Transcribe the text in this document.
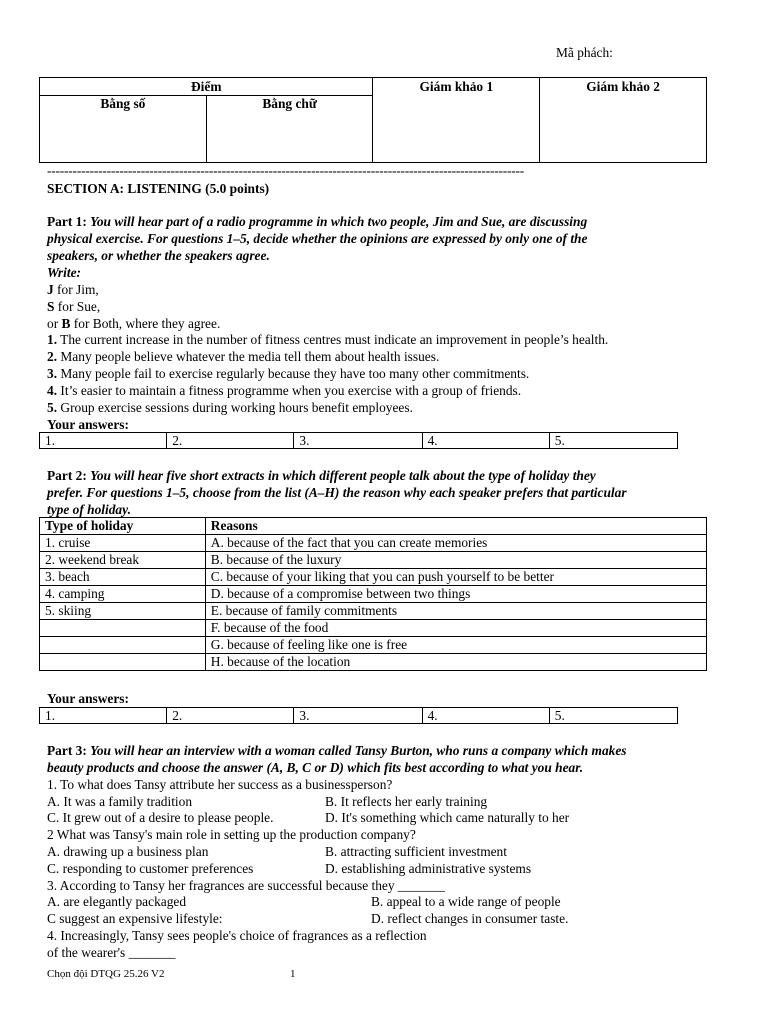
Mã phách:
Điểm		Giám khảo 1	Giám khảo 2
Bằng số	Bằng chữ		
----------------------------------------------------------------------------------------------------------------
SECTION A: LISTENING (5.0 points)
Part 1: You will hear part of a radio programme in which two people, Jim and Sue, are discussing
physical exercise. For questions 1–5, decide whether the opinions are expressed by only one of the
speakers, or whether the speakers agree.
Write:
J for Jim,
S for Sue,
or B for Both, where they agree.
1. The current increase in the number of fitness centres must indicate an improvement in people’s health.
2. Many people believe whatever the media tell them about health issues.
3. Many people fail to exercise regularly because they have too many other commitments.
4. It’s easier to maintain a fitness programme when you exercise with a group of friends.
5. Group exercise sessions during working hours benefit employees.
Your answers:
1.	2.	3.	4.	5.
Part 2: You will hear five short extracts in which different people talk about the type of holiday they
prefer. For questions 1–5, choose from the list (A–H) the reason why each speaker prefers that particular
type of holiday.
Type of holiday	Reasons
1. cruise	A. because of the fact that you can create memories
2. weekend break	B. because of the luxury
3. beach	C. because of your liking that you can push yourself to be better
4. camping	D. because of a compromise between two things
5. skiing	E. because of family commitments
	F. because of the food
	G. because of feeling like one is free
	H. because of the location
Your answers:
1.	2.	3.	4.	5.
Part 3: You will hear an interview with a woman called Tansy Burton, who runs a company which makes
beauty products and choose the answer (A, B, C or D) which fits best according to what you hear.
1. To what does Tansy attribute her success as a businessperson?
A. It was a family tradition	B. It reflects her early training
C. It grew out of a desire to please people.	D. It's something which came naturally to her
2 What was Tansy's main role in setting up the production company?
A. drawing up a business plan	B. attracting sufficient investment
C. responding to customer preferences	D. establishing administrative systems
3. According to Tansy her fragrances are successful because they _______
A. are elegantly packaged	B. appeal to a wide range of people
C suggest an expensive lifestyle:	D. reflect changes in consumer taste.
4. Increasingly, Tansy sees people's choice of fragrances as a reflection
of the wearer's _______
Chọn đội DTQG 25.26 V2	1
